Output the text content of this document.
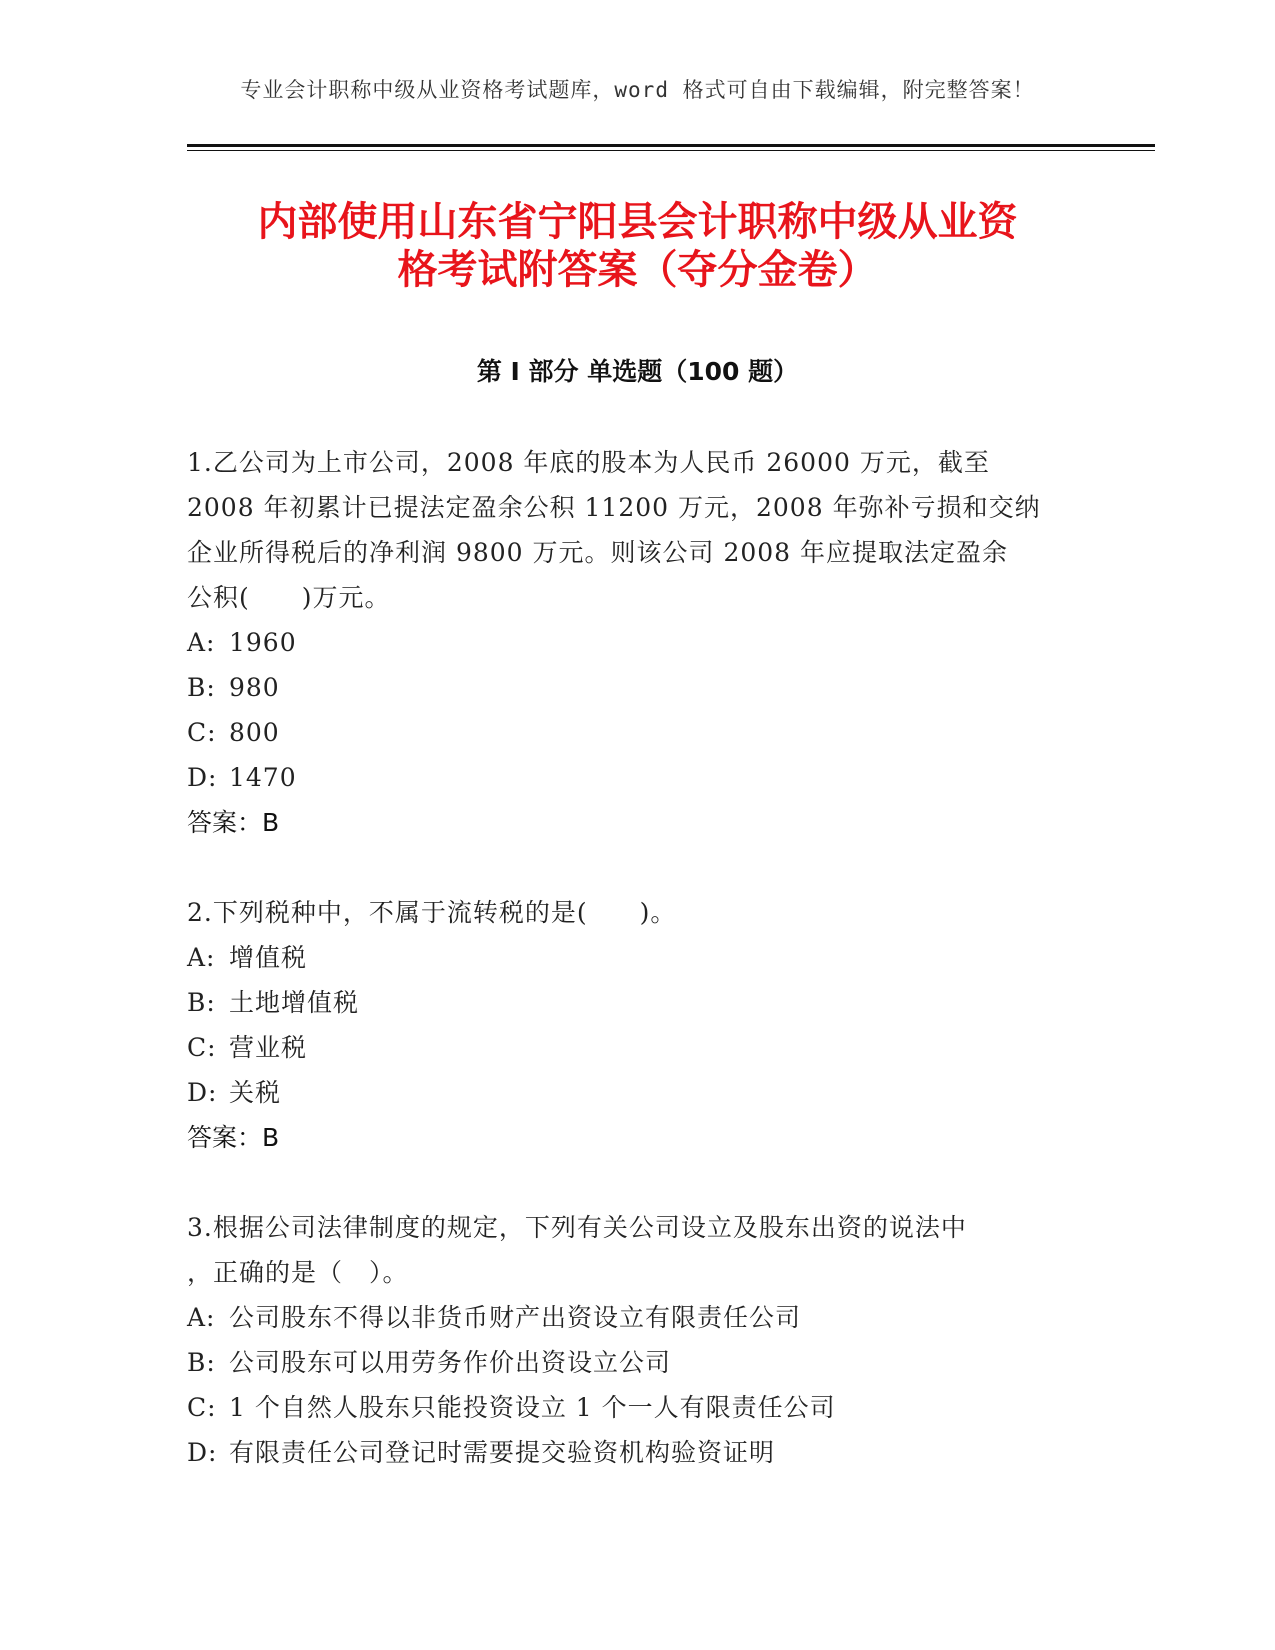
专业会计职称中级从业资格考试题库，word 格式可自由下载编辑，附完整答案！
内部使用山东省宁阳县会计职称中级从业资
格考试附答案（夺分金卷）
第 I 部分 单选题（100 题）
1.乙公司为上市公司，2008 年底的股本为人民币 26000 万元，截至
2008 年初累计已提法定盈余公积 11200 万元，2008 年弥补亏损和交纳
企业所得税后的净利润 9800 万元。则该公司 2008 年应提取法定盈余
公积(　　)万元。
A: 1960
B: 980
C: 800
D: 1470
答案：B
2.下列税种中，不属于流转税的是(　　)。
A: 增值税
B: 土地增值税
C: 营业税
D: 关税
答案：B
3.根据公司法律制度的规定，下列有关公司设立及股东出资的说法中
，正确的是（　）。
A: 公司股东不得以非货币财产出资设立有限责任公司
B: 公司股东可以用劳务作价出资设立公司
C: 1 个自然人股东只能投资设立 1 个一人有限责任公司
D: 有限责任公司登记时需要提交验资机构验资证明
